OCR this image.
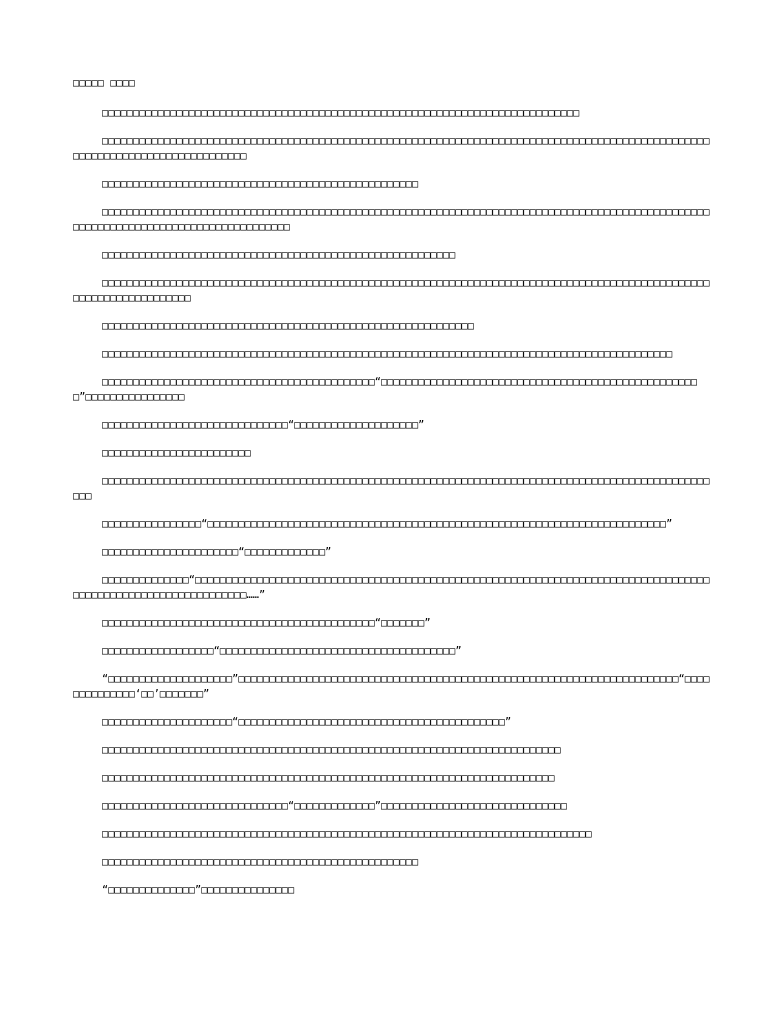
□□□□□ □□□□

□□□□□□□□□□□□□□□□□□□□□□□□□□□□□□□□□□□□□□□□□□□□□□□□□□□□□□□□□□□□□□□□□□□□□□□□□□□□□

□□□□□□□□□□□□□□□□□□□□□□□□□□□□□□□□□□□□□□□□□□□□□□□□□□□□□□□□□□□□□□□□□□□□□□□□□□□□□□□□□□□□□□□□□□□□□□□□□□□□□□□□□□□□□□□□□□□□□□□□□□□□□□

□□□□□□□□□□□□□□□□□□□□□□□□□□□□□□□□□□□□□□□□□□□□□□□□□□□

□□□□□□□□□□□□□□□□□□□□□□□□□□□□□□□□□□□□□□□□□□□□□□□□□□□□□□□□□□□□□□□□□□□□□□□□□□□□□□□□□□□□□□□□□□□□□□□□□□□□□□□□□□□□□□□□□□□□□□□□□□□□□□□□□□□□□

□□□□□□□□□□□□□□□□□□□□□□□□□□□□□□□□□□□□□□□□□□□□□□□□□□□□□□□□□

□□□□□□□□□□□□□□□□□□□□□□□□□□□□□□□□□□□□□□□□□□□□□□□□□□□□□□□□□□□□□□□□□□□□□□□□□□□□□□□□□□□□□□□□□□□□□□□□□□□□□□□□□□□□□□□□□□□□□

□□□□□□□□□□□□□□□□□□□□□□□□□□□□□□□□□□□□□□□□□□□□□□□□□□□□□□□□□□□□

□□□□□□□□□□□□□□□□□□□□□□□□□□□□□□□□□□□□□□□□□□□□□□□□□□□□□□□□□□□□□□□□□□□□□□□□□□□□□□□□□□□□□□□□□□□□

□□□□□□□□□□□□□□□□□□□□□□□□□□□□□□□□□□□□□□□□□□□□“□□□□□□□□□□□□□□□□□□□□□□□□□□□□□□□□□□□□□□□□□□□□□□□□□□□□”□□□□□□□□□□□□□□□□

□□□□□□□□□□□□□□□□□□□□□□□□□□□□□□“□□□□□□□□□□□□□□□□□□□□”

□□□□□□□□□□□□□□□□□□□□□□□□

□□□□□□□□□□□□□□□□□□□□□□□□□□□□□□□□□□□□□□□□□□□□□□□□□□□□□□□□□□□□□□□□□□□□□□□□□□□□□□□□□□□□□□□□□□□□□□□□□□□□□

□□□□□□□□□□□□□□□□“□□□□□□□□□□□□□□□□□□□□□□□□□□□□□□□□□□□□□□□□□□□□□□□□□□□□□□□□□□□□□□□□□□□□□□□□□□”

□□□□□□□□□□□□□□□□□□□□□□“□□□□□□□□□□□□□”

□□□□□□□□□□□□□□“□□□□□□□□□□□□□□□□□□□□□□□□□□□□□□□□□□□□□□□□□□□□□□□□□□□□□□□□□□□□□□□□□□□□□□□□□□□□□□□□□□□□□□□□□□□□□□□□□□□□□□□□□□□□□□□……”

□□□□□□□□□□□□□□□□□□□□□□□□□□□□□□□□□□□□□□□□□□□□“□□□□□□□”

□□□□□□□□□□□□□□□□□□“□□□□□□□□□□□□□□□□□□□□□□□□□□□□□□□□□□□□□□”

“□□□□□□□□□□□□□□□□□□□□”□□□□□□□□□□□□□□□□□□□□□□□□□□□□□□□□□□□□□□□□□□□□□□□□□□□□□□□□□□□□□□□□□□□□□□□“□□□□□□□□□□□□□□‘□□’□□□□□□□”

□□□□□□□□□□□□□□□□□□□□□“□□□□□□□□□□□□□□□□□□□□□□□□□□□□□□□□□□□□□□□□□□□”

□□□□□□□□□□□□□□□□□□□□□□□□□□□□□□□□□□□□□□□□□□□□□□□□□□□□□□□□□□□□□□□□□□□□□□□□□□

□□□□□□□□□□□□□□□□□□□□□□□□□□□□□□□□□□□□□□□□□□□□□□□□□□□□□□□□□□□□□□□□□□□□□□□□□

□□□□□□□□□□□□□□□□□□□□□□□□□□□□□□“□□□□□□□□□□□□□”□□□□□□□□□□□□□□□□□□□□□□□□□□□□□□

□□□□□□□□□□□□□□□□□□□□□□□□□□□□□□□□□□□□□□□□□□□□□□□□□□□□□□□□□□□□□□□□□□□□□□□□□□□□□□□

□□□□□□□□□□□□□□□□□□□□□□□□□□□□□□□□□□□□□□□□□□□□□□□□□□□

“□□□□□□□□□□□□□□”□□□□□□□□□□□□□□□
